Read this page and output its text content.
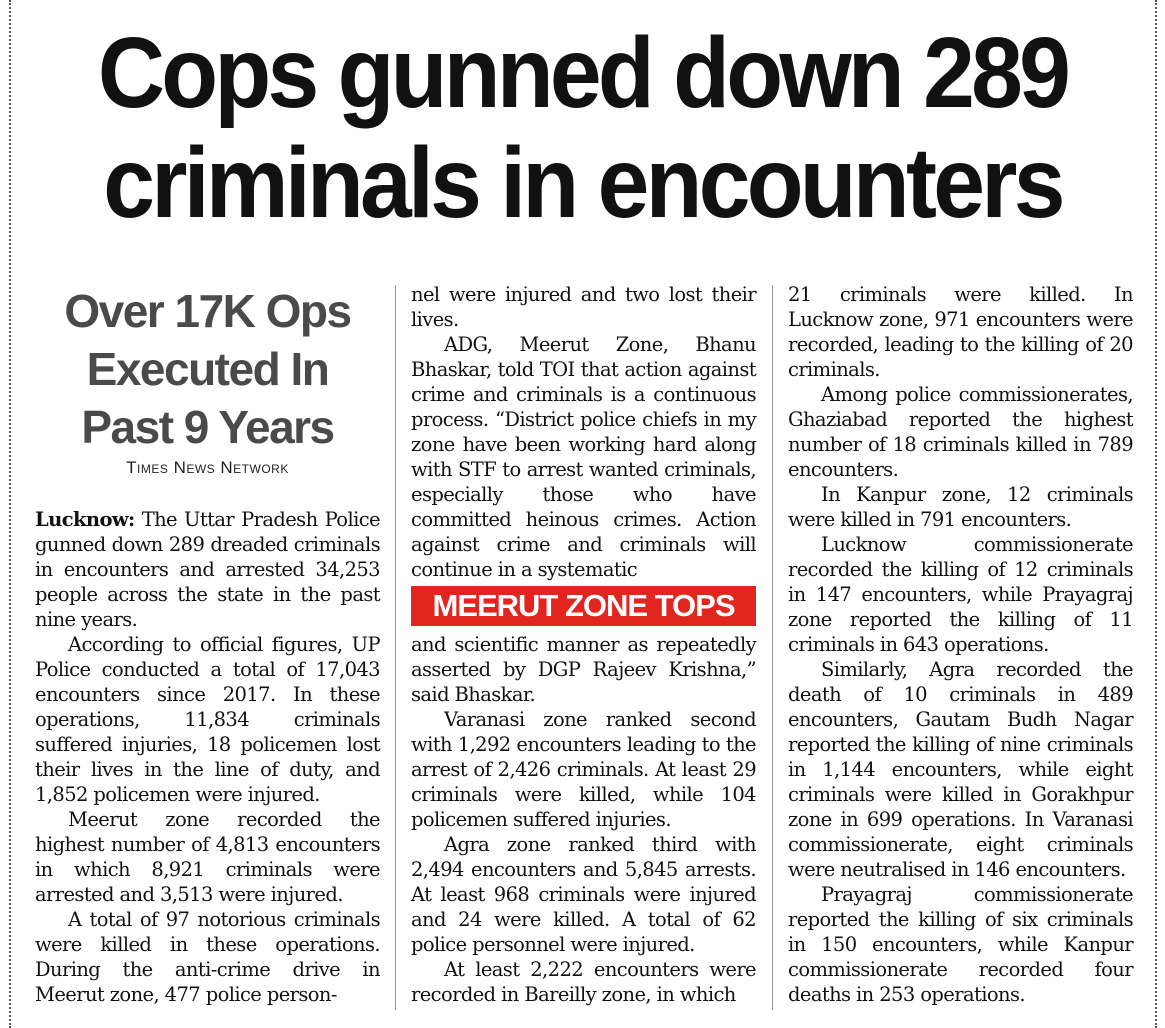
Cops gunned down 289
criminals in encounters
Over 17K Ops
Executed In
Past 9 Years
Times News Network

Lucknow: The Uttar Pradesh Police gunned down 289 dreaded criminals in encounters and arrested 34,253 people across the state in the past nine years.

According to official figures, UP Police conducted a total of 17,043 encounters since 2017. In these operations, 11,834 criminals suffered injuries, 18 policemen lost their lives in the line of duty, and 1,852 policemen were injured.

Meerut zone recorded the highest number of 4,813 encounters in which 8,921 criminals were arrested and 3,513 were injured.

A total of 97 notorious criminals were killed in these operations. During the anti-crime drive in Meerut zone, 477 police person-

nel were injured and two lost their lives.

ADG, Meerut Zone, Bhanu Bhaskar, told TOI that action against crime and criminals is a continuous process. “District police chiefs in my zone have been working hard along with STF to arrest wanted criminals, especially those who have committed heinous crimes. Action against crime and criminals will continue in a systematic

MEERUT ZONE TOPS

and scientific manner as repeatedly asserted by DGP Rajeev Krishna,” said Bhaskar.

Varanasi zone ranked second with 1,292 encounters leading to the arrest of 2,426 criminals. At least 29 criminals were killed, while 104 policemen suffered injuries.

Agra zone ranked third with 2,494 encounters and 5,845 arrests. At least 968 criminals were injured and 24 were killed. A total of 62 police personnel were injured.

At least 2,222 encounters were recorded in Bareilly zone, in which

21 criminals were killed. In Lucknow zone, 971 encounters were recorded, leading to the killing of 20 criminals.

Among police commissionerates, Ghaziabad reported the highest number of 18 criminals killed in 789 encounters.

In Kanpur zone, 12 criminals were killed in 791 encounters.

Lucknow commissionerate recorded the killing of 12 criminals in 147 encounters, while Prayagraj zone reported the killing of 11 criminals in 643 operations.

Similarly, Agra recorded the death of 10 criminals in 489 encounters, Gautam Budh Nagar reported the killing of nine criminals in 1,144 encounters, while eight criminals were killed in Gorakhpur zone in 699 operations. In Varanasi commissionerate, eight criminals were neutralised in 146 encounters.

Prayagraj commissionerate reported the killing of six criminals in 150 encounters, while Kanpur commissionerate recorded four deaths in 253 operations.
